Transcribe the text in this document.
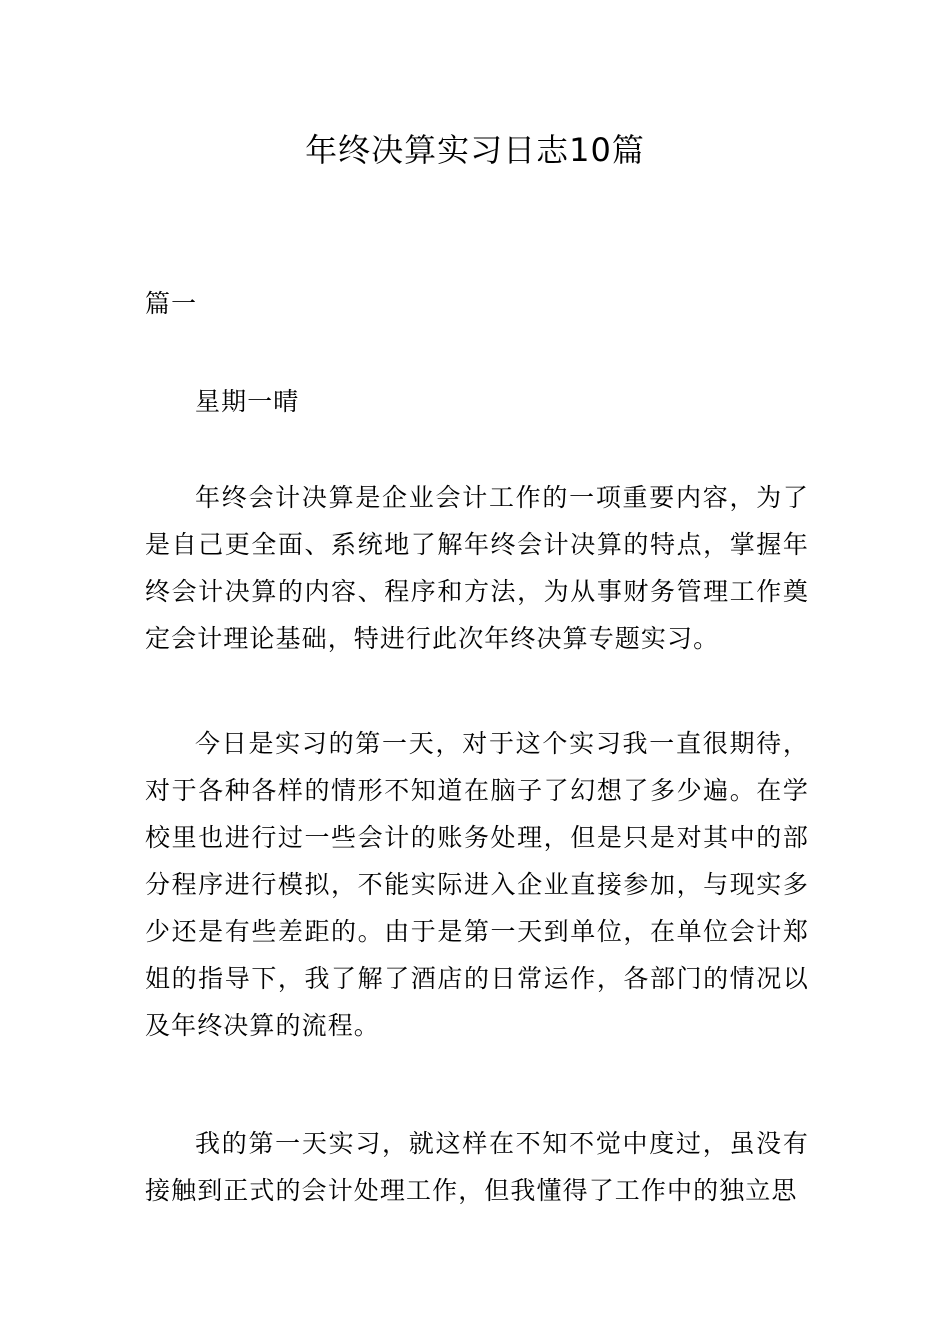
年终决算实习日志10篇

篇一

星期一晴

年终会计决算是企业会计工作的一项重要内容，为了是自己更全面、系统地了解年终会计决算的特点，掌握年终会计决算的内容、程序和方法，为从事财务管理工作奠定会计理论基础，特进行此次年终决算专题实习。

今日是实习的第一天，对于这个实习我一直很期待，对于各种各样的情形不知道在脑子了幻想了多少遍。在学校里也进行过一些会计的账务处理，但是只是对其中的部分程序进行模拟，不能实际进入企业直接参加，与现实多少还是有些差距的。由于是第一天到单位，在单位会计郑姐的指导下，我了解了酒店的日常运作，各部门的情况以及年终决算的流程。

我的第一天实习，就这样在不知不觉中度过，虽没有接触到正式的会计处理工作，但我懂得了工作中的独立思
